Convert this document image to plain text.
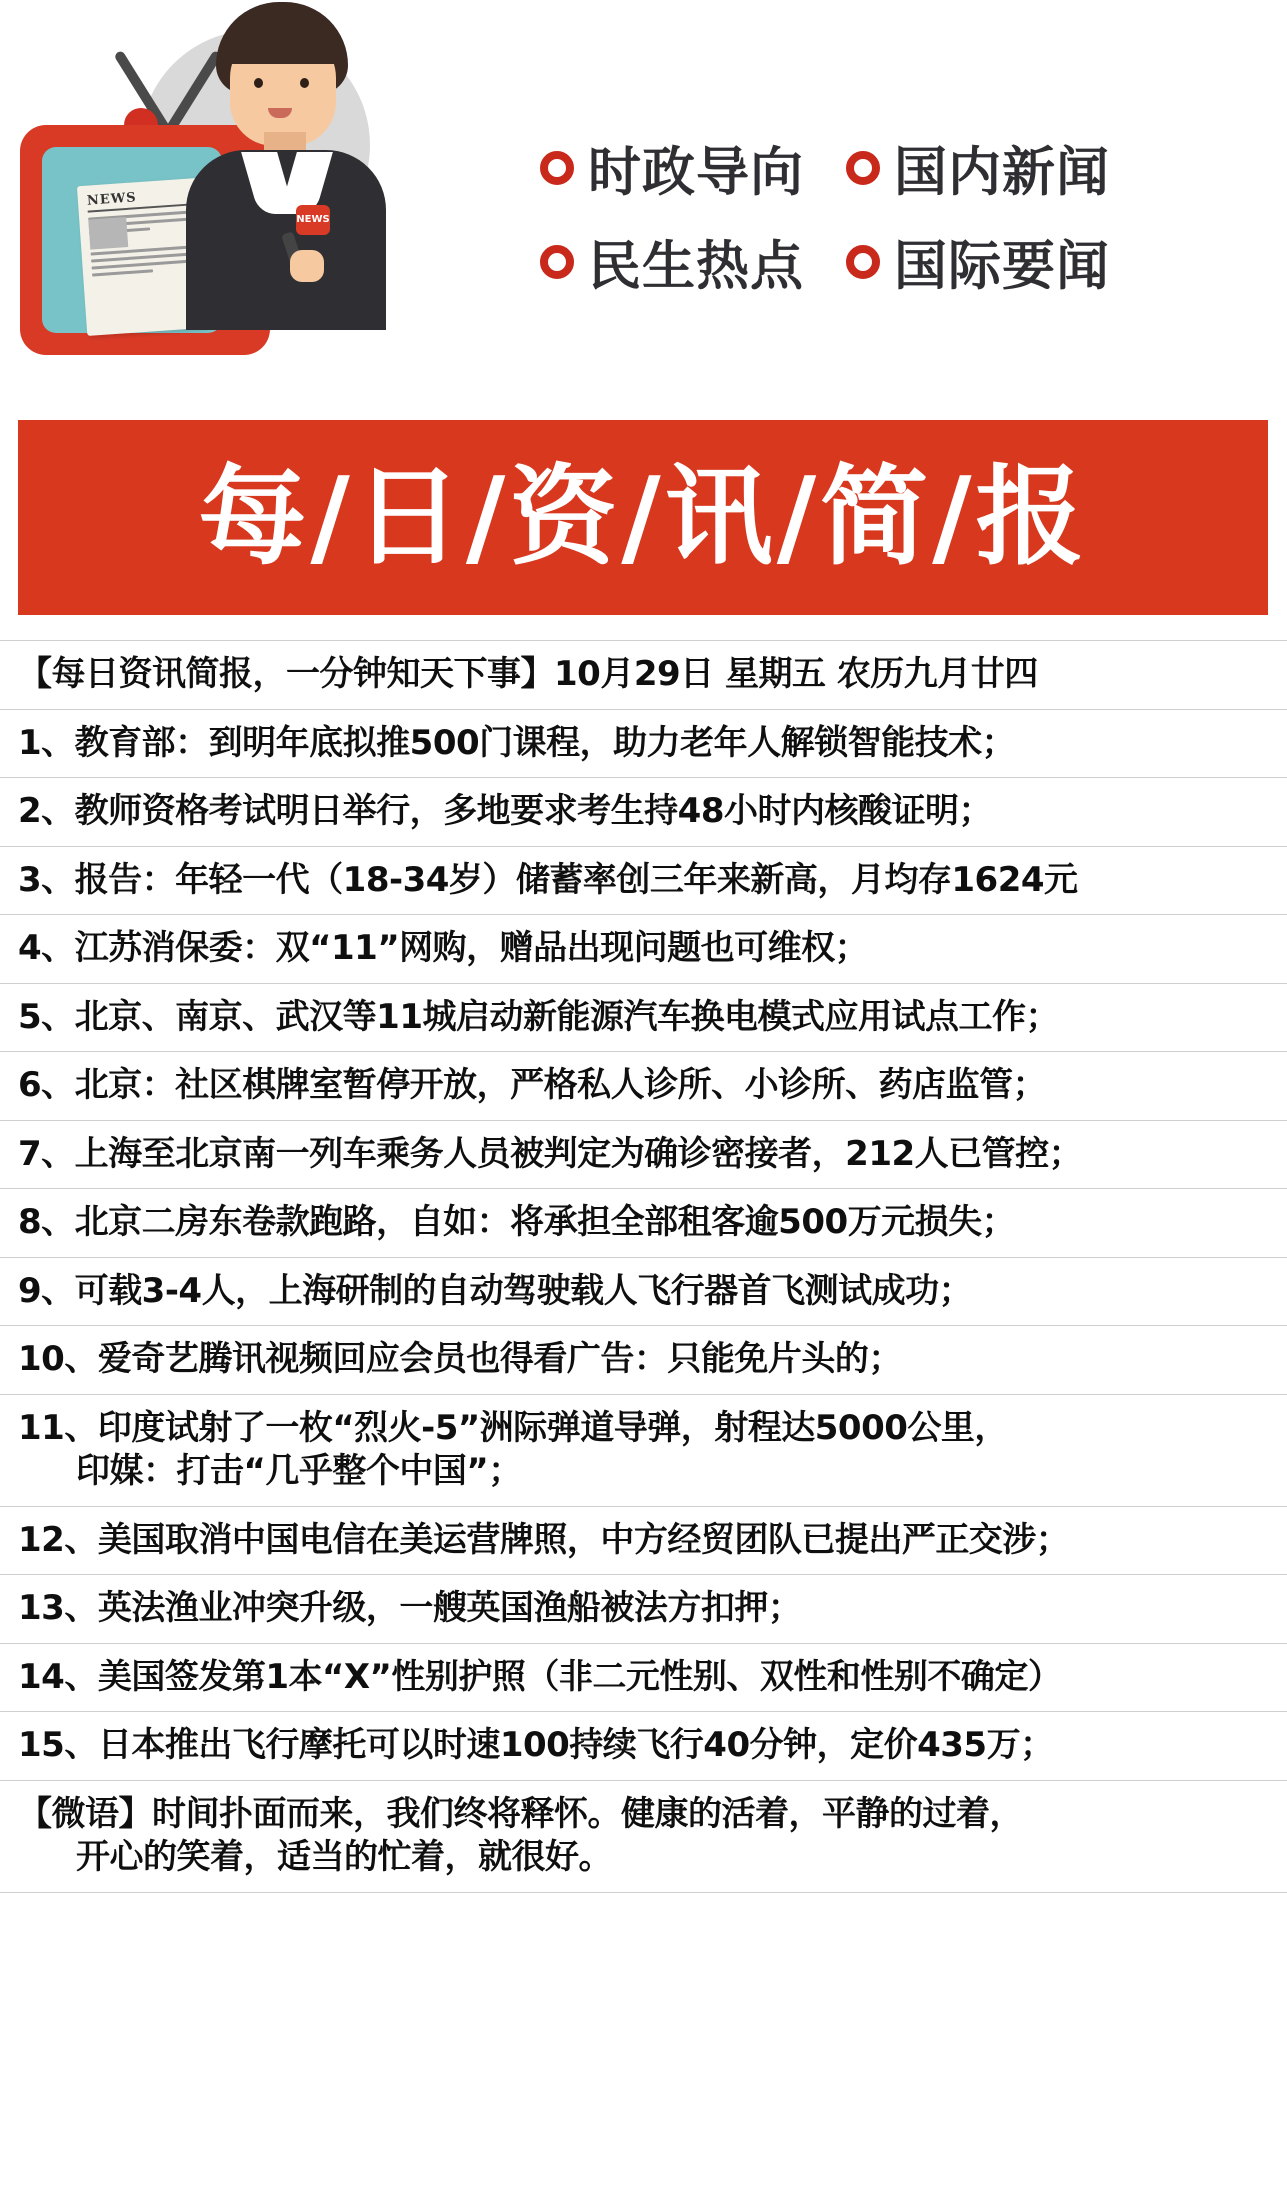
NEWS
NEWS
时政导向 国内新闻
民生热点 国际要闻
每/日/资/讯/简/报
【每日资讯简报，一分钟知天下事】10月29日 星期五 农历九月廿四
1、教育部：到明年底拟推500门课程，助力老年人解锁智能技术；
2、教师资格考试明日举行，多地要求考生持48小时内核酸证明；
3、报告：年轻一代（18-34岁）储蓄率创三年来新高，月均存1624元
4、江苏消保委：双“11”网购，赠品出现问题也可维权；
5、北京、南京、武汉等11城启动新能源汽车换电模式应用试点工作；
6、北京：社区棋牌室暂停开放，严格私人诊所、小诊所、药店监管；
7、上海至北京南一列车乘务人员被判定为确诊密接者，212人已管控；
8、北京二房东卷款跑路，自如：将承担全部租客逾500万元损失；
9、可载3-4人，上海研制的自动驾驶载人飞行器首飞测试成功；
10、爱奇艺腾讯视频回应会员也得看广告：只能免片头的；
11、印度试射了一枚“烈火-5”洲际弹道导弹，射程达5000公里，
印媒：打击“几乎整个中国”；
12、美国取消中国电信在美运营牌照，中方经贸团队已提出严正交涉；
13、英法渔业冲突升级，一艘英国渔船被法方扣押；
14、美国签发第1本“X”性别护照（非二元性别、双性和性别不确定）
15、日本推出飞行摩托可以时速100持续飞行40分钟，定价435万；
【微语】时间扑面而来，我们终将释怀。健康的活着，平静的过着，
开心的笑着，适当的忙着，就很好。
